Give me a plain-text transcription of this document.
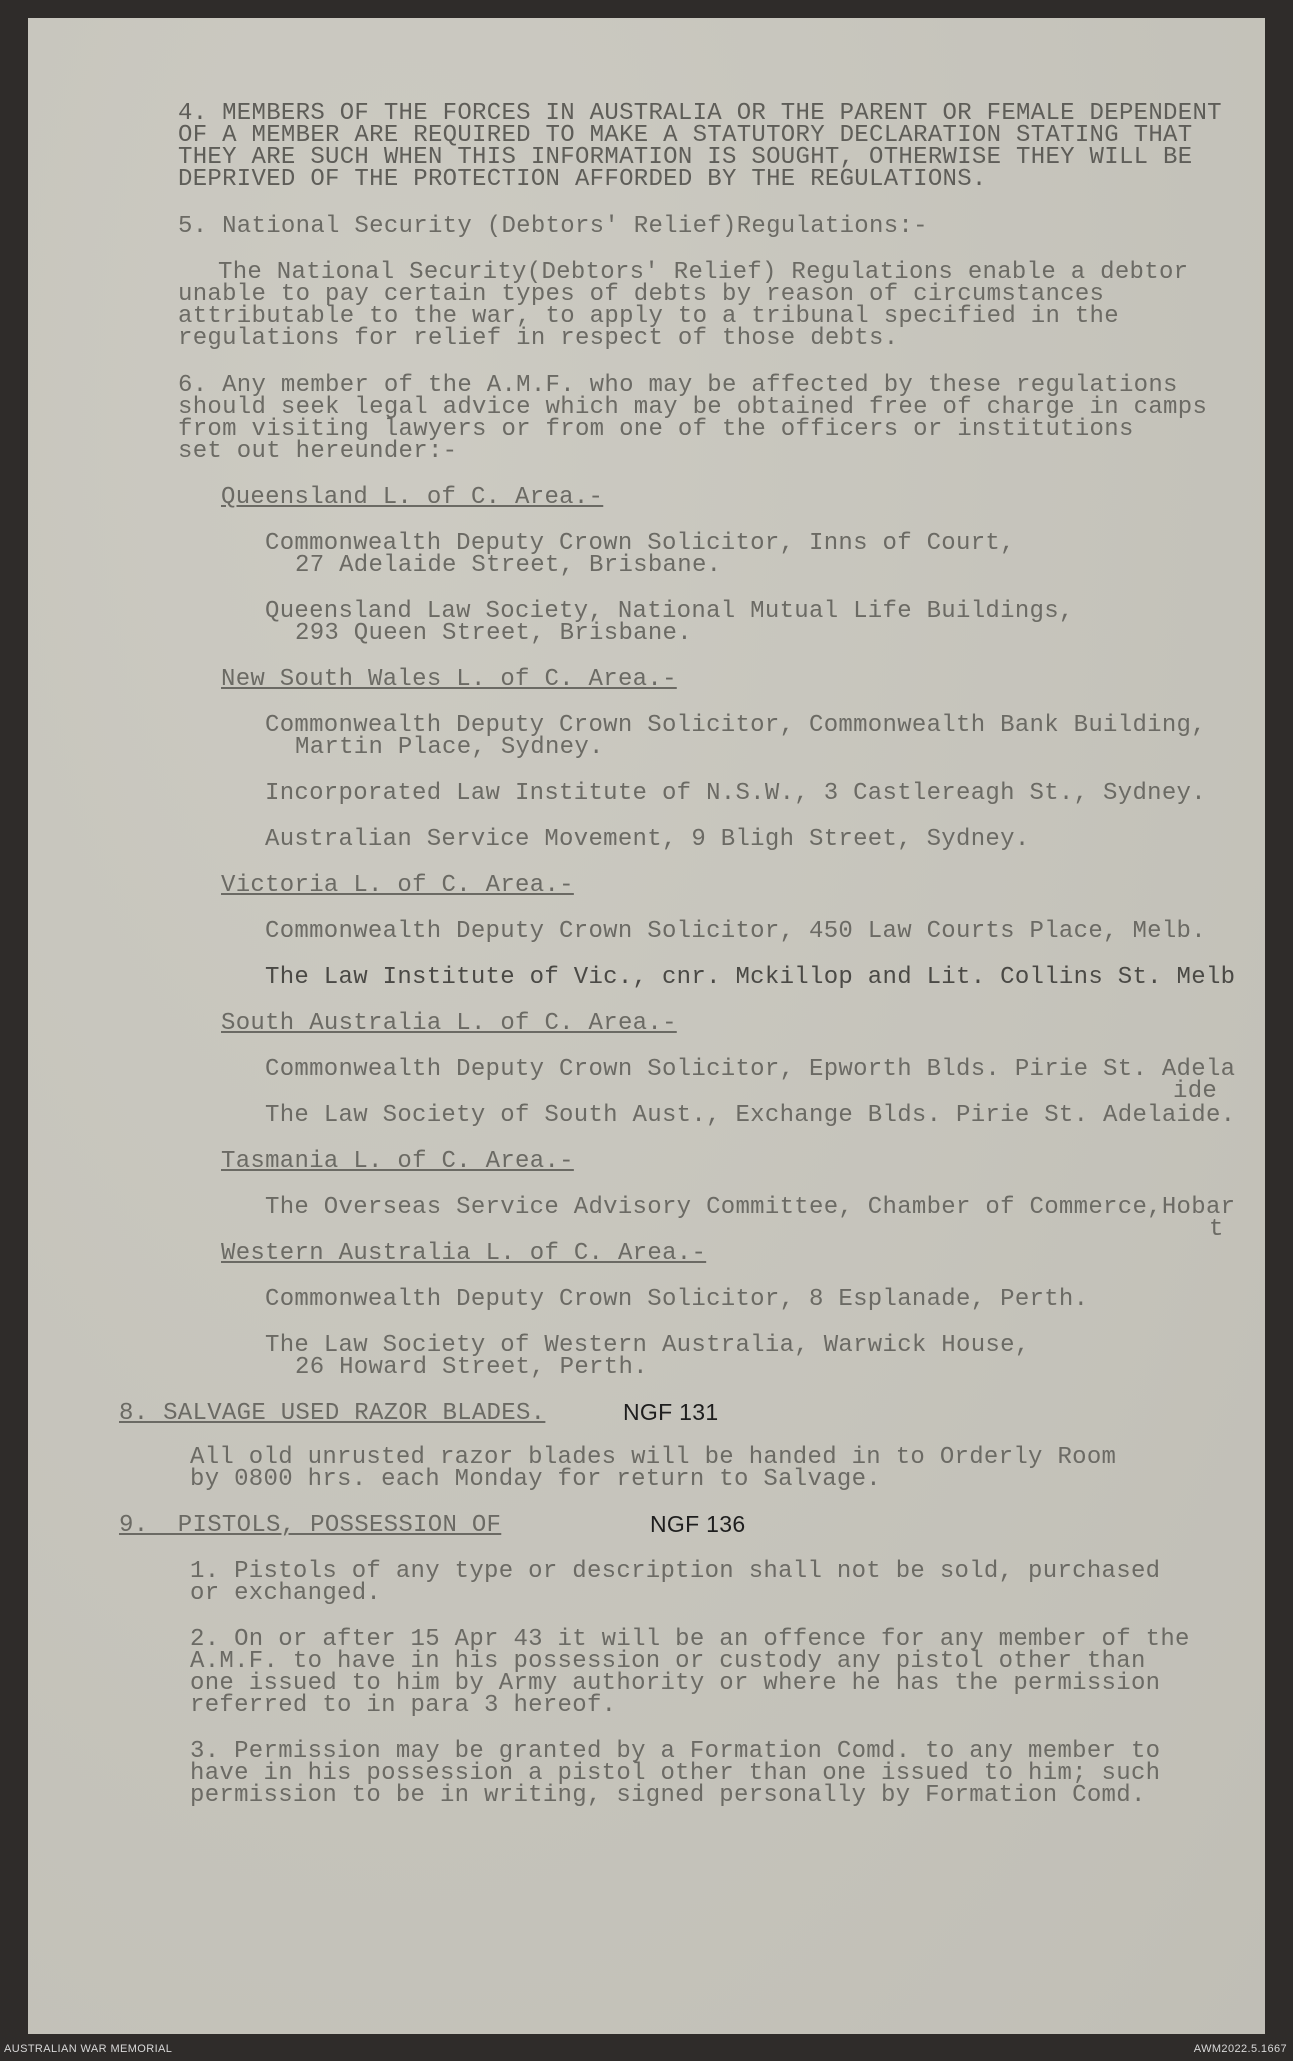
4. MEMBERS OF THE FORCES IN AUSTRALIA OR THE PARENT OR FEMALE DEPENDENT
OF A MEMBER ARE REQUIRED TO MAKE A STATUTORY DECLARATION STATING THAT
THEY ARE SUCH WHEN THIS INFORMATION IS SOUGHT, OTHERWISE THEY WILL BE
DEPRIVED OF THE PROTECTION AFFORDED BY THE REGULATIONS.
5. National Security (Debtors' Relief)Regulations:-
The National Security(Debtors' Relief) Regulations enable a debtor
unable to pay certain types of debts by reason of circumstances
attributable to the war, to apply to a tribunal specified in the
regulations for relief in respect of those debts.
6. Any member of the A.M.F. who may be affected by these regulations
should seek legal advice which may be obtained free of charge in camps
from visiting lawyers or from one of the officers or institutions
set out hereunder:-
Queensland L. of C. Area.-
Commonwealth Deputy Crown Solicitor, Inns of Court,
27 Adelaide Street, Brisbane.
Queensland Law Society, National Mutual Life Buildings,
293 Queen Street, Brisbane.
New South Wales L. of C. Area.-
Commonwealth Deputy Crown Solicitor, Commonwealth Bank Building,
Martin Place, Sydney.
Incorporated Law Institute of N.S.W., 3 Castlereagh St., Sydney.
Australian Service Movement, 9 Bligh Street, Sydney.
Victoria L. of C. Area.-
Commonwealth Deputy Crown Solicitor, 450 Law Courts Place, Melb.
The Law Institute of Vic., cnr. Mckillop and Lit. Collins St. Melb
South Australia L. of C. Area.-
Commonwealth Deputy Crown Solicitor, Epworth Blds. Pirie St. Adela
ide
The Law Society of South Aust., Exchange Blds. Pirie St. Adelaide.
Tasmania L. of C. Area.-
The Overseas Service Advisory Committee, Chamber of Commerce,Hobar
t
Western Australia L. of C. Area.-
Commonwealth Deputy Crown Solicitor, 8 Esplanade, Perth.
The Law Society of Western Australia, Warwick House,
26 Howard Street, Perth.
8. SALVAGE USED RAZOR BLADES.	NGF 131
All old unrusted razor blades will be handed in to Orderly Room
by 0800 hrs. each Monday for return to Salvage.
9.  PISTOLS, POSSESSION OF	NGF 136
1. Pistols of any type or description shall not be sold, purchased
or exchanged.
2. On or after 15 Apr 43 it will be an offence for any member of the
A.M.F. to have in his possession or custody any pistol other than
one issued to him by Army authority or where he has the permission
referred to in para 3 hereof.
3. Permission may be granted by a Formation Comd. to any member to
have in his possession a pistol other than one issued to him; such
permission to be in writing, signed personally by Formation Comd.
AUSTRALIAN WAR MEMORIAL	AWM2022.5.1667
